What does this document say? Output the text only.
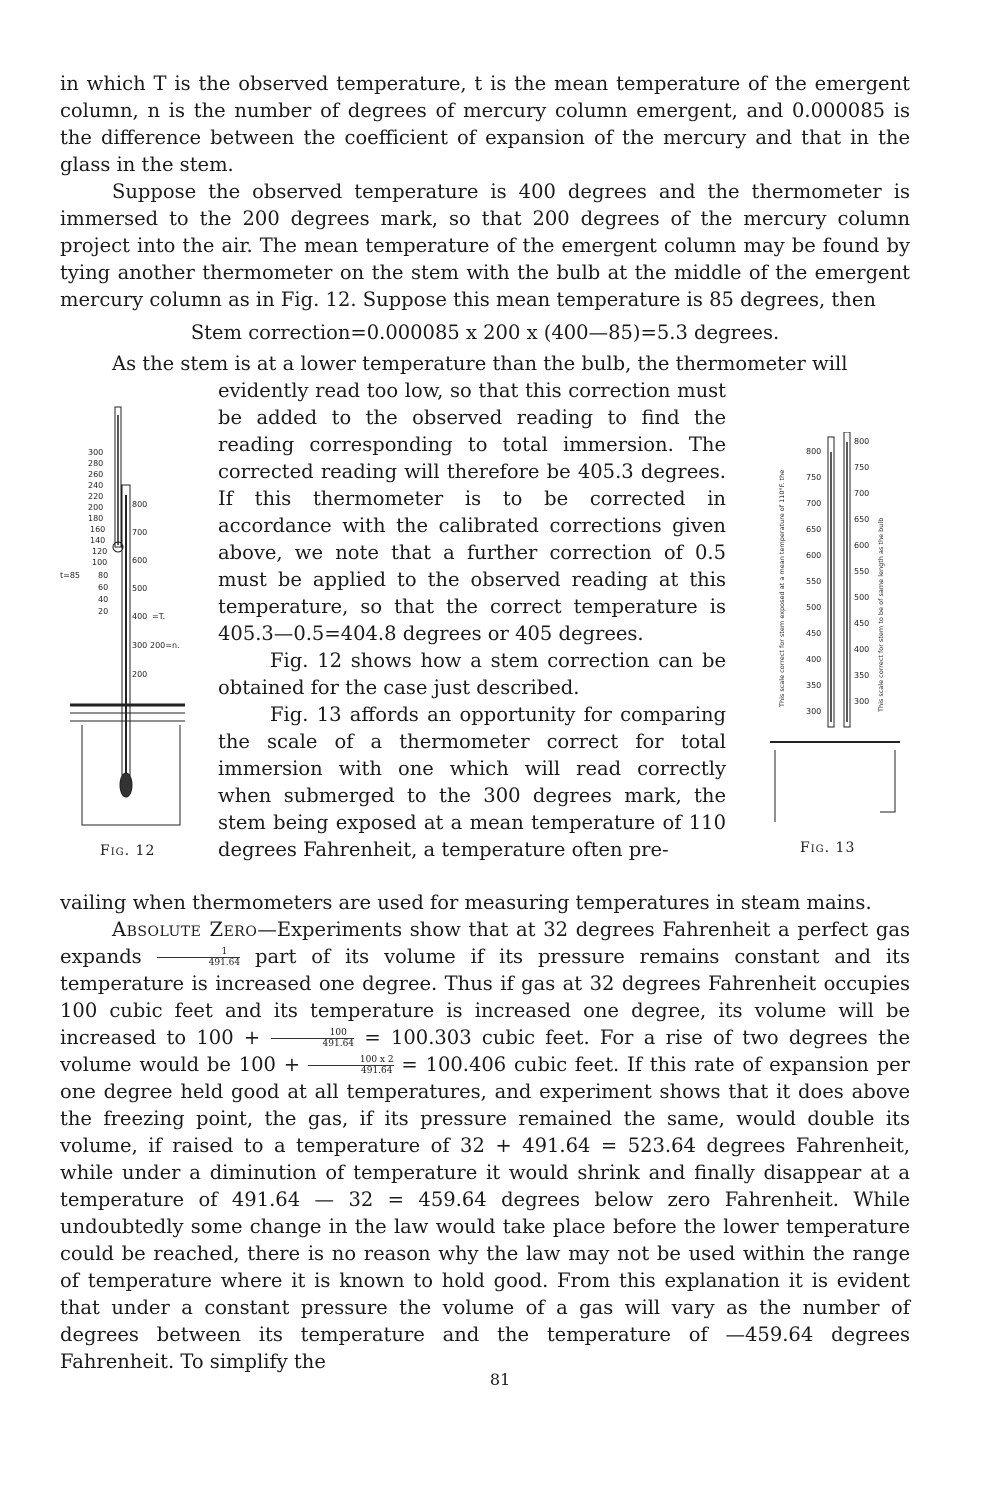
in which T is the observed temperature, t is the mean temperature of the emergent column, n is the number of degrees of mercury column emergent, and 0.000085 is the difference between the coefficient of expansion of the mercury and that in the glass in the stem.

Suppose the observed temperature is 400 degrees and the thermometer is immersed to the 200 degrees mark, so that 200 degrees of the mercury column project into the air. The mean temperature of the emergent column may be found by tying another thermometer on the stem with the bulb at the middle of the emergent mercury column as in Fig. 12. Suppose this mean temperature is 85 degrees, then

Stem correction=0.000085 x 200 x (400—85)=5.3 degrees.

As the stem is at a lower temperature than the bulb, the thermometer will

300
280
260
240
220
200
180
160
140
120
100
80
60
40
20
t=85
800
700
600
500
400
300
200
=T.
200=n.
Fig. 12

evidently read too low, so that this correction must be added to the observed reading to find the reading corresponding to total immersion. The corrected reading will therefore be 405.3 degrees. If this thermometer is to be corrected in accordance with the calibrated corrections given above, we note that a further correction of 0.5 must be applied to the observed reading at this temperature, so that the correct temperature is 405.3—0.5=404.8 degrees or 405 degrees.

Fig. 12 shows how a stem correction can be obtained for the case just described.

Fig. 13 affords an opportunity for comparing the scale of a thermometer correct for total immersion with one which will read correctly when submerged to the 300 degrees mark, the stem being exposed at a mean temperature of 110 degrees Fahrenheit, a temperature often pre-

800
750
700
650
600
550
500
450
400
350
300
800
750
700
650
600
550
500
450
400
350
300
This scale correct for stem exposed at a mean temperature of 110°F. the	This scale correct for stem to be of same length as the bulb
Fig. 13

vailing when thermometers are used for measuring temperatures in steam mains.

Absolute Zero—Experiments show that at 32 degrees Fahrenheit a perfect gas expands $\frac{1}{491.64}$ part of its volume if its pressure remains constant and its temperature is increased one degree. Thus if gas at 32 degrees Fahrenheit occupies 100 cubic feet and its temperature is increased one degree, its volume will be increased to $100 + \frac{100}{491.64} = 100.303$ cubic feet. For a rise of two degrees the volume would be $100 + \frac{100 x 2}{491.64} = 100.406$ cubic feet. If this rate of expansion per one degree held good at all temperatures, and experiment shows that it does above the freezing point, the gas, if its pressure remained the same, would double its volume, if raised to a temperature of 32 + 491.64 = 523.64 degrees Fahrenheit, while under a diminution of temperature it would shrink and finally disappear at a temperature of 491.64 — 32 = 459.64 degrees below zero Fahrenheit. While undoubtedly some change in the law would take place before the lower temperature could be reached, there is no reason why the law may not be used within the range of temperature where it is known to hold good. From this explanation it is evident that under a constant pressure the volume of a gas will vary as the number of degrees between its temperature and the temperature of —459.64 degrees Fahrenheit. To simplify the

81
